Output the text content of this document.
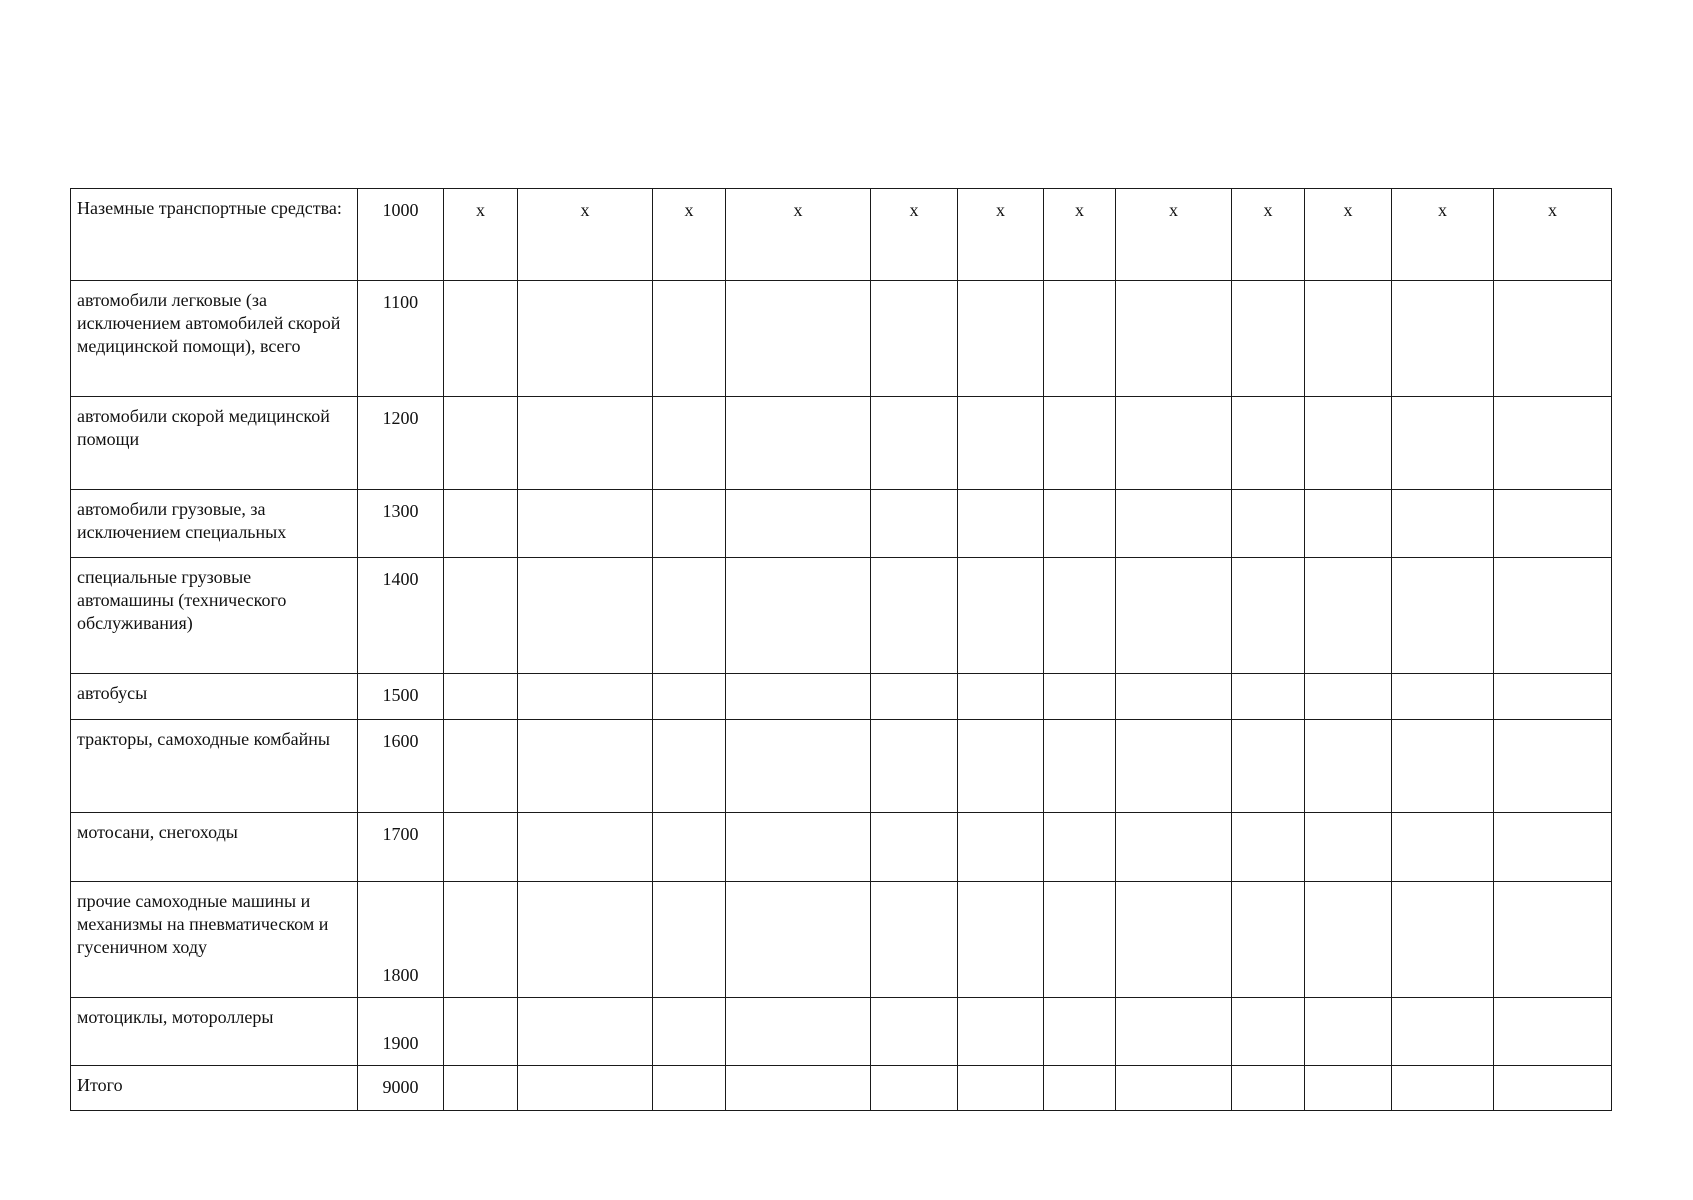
Наземные транспортные средства:	1000	x	x	x	x	x	x	x	x	x	x	x	x
автомобили легковые (за исключением автомобилей скорой медицинской помощи), всего	1100												
автомобили скорой медицинской помощи	1200												
автомобили грузовые, за исключением специальных	1300												
специальные грузовые автомашины (технического обслуживания)	1400												
автобусы	1500												
тракторы, самоходные комбайны	1600												
мотосани, снегоходы	1700												
прочие самоходные машины и механизмы на пневматическом и гусеничном ходу	1800												
мотоциклы, мотороллеры	1900												
Итого	9000												
